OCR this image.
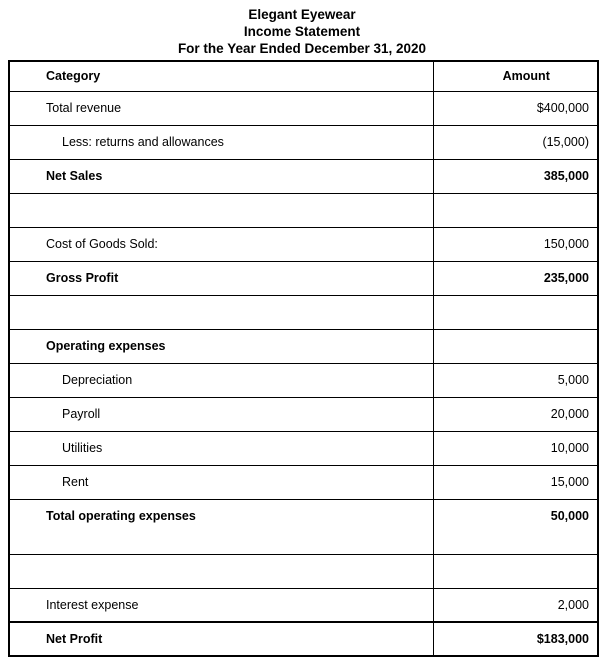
Elegant Eyewear
Income Statement
For the Year Ended December 31, 2020
Category	Amount
Total revenue	$400,000
Less: returns and allowances	(15,000)
Net Sales	385,000

Cost of Goods Sold:	150,000
Gross Profit	235,000

Operating expenses	
Depreciation	5,000
Payroll	20,000
Utilities	10,000
Rent	15,000
Total operating expenses	50,000

Interest expense	2,000
Net Profit	$183,000
